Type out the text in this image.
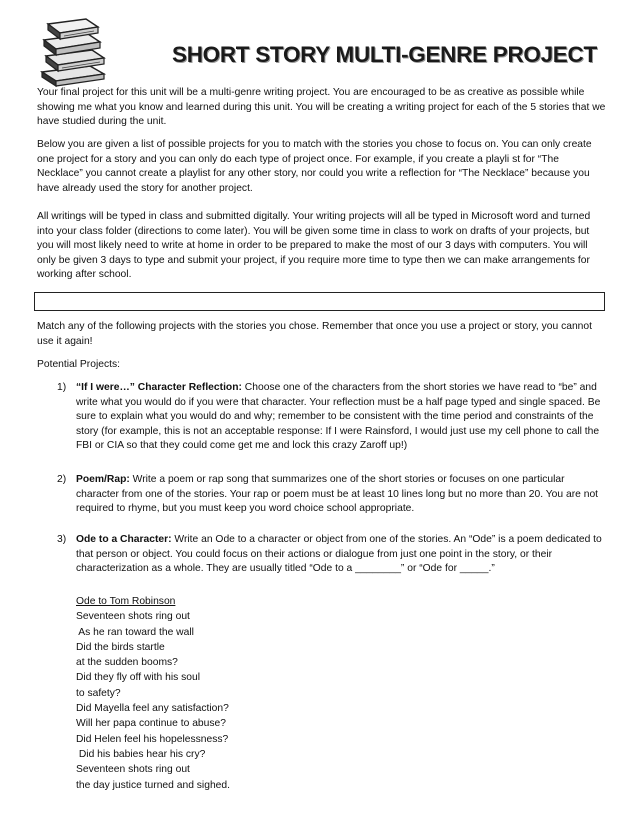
SHORT STORY MULTI-GENRE PROJECT

Your final project for this unit will be a multi-genre writing project. You are encouraged to be as creative as possible while showing me what you know and learned during this unit. You will be creating a writing project for each of the 5 stories that we have studied during the unit.

Below you are given a list of possible projects for you to match with the stories you chose to focus on. You can only create one project for a story and you can only do each type of project once. For example, if you create a playli st for “The Necklace” you cannot create a playlist for any other story, nor could you write a reflection for “The Necklace” because you have already used the story for another project.

All writings will be typed in class and submitted digitally. Your writing projects will all be typed in Microsoft word and turned into your class folder (directions to come later). You will be given some time in class to work on drafts of your projects, but you will most likely need to write at home in order to be prepared to make the most of our 3 days with computers. You will only be given 3 days to type and submit your project, if you require more time to type then we can make arrangements for working after school.

Match any of the following projects with the stories you chose. Remember that once you use a project or story, you cannot use it again!

Potential Projects:

1) “If I were…” Character Reflection: Choose one of the characters from the short stories we have read to “be” and write what you would do if you were that character. Your reflection must be a half page typed and single spaced. Be sure to explain what you would do and why; remember to be consistent with the time period and constraints of the story (for example, this is not an acceptable response: If I were Rainsford, I would just use my cell phone to call the FBI or CIA so that they could come get me and lock this crazy Zaroff up!)

2) Poem/Rap: Write a poem or rap song that summarizes one of the short stories or focuses on one particular character from one of the stories. Your rap or poem must be at least 10 lines long but no more than 20. You are not required to rhyme, but you must keep you word choice school appropriate.

3) Ode to a Character: Write an Ode to a character or object from one of the stories. An “Ode” is a poem dedicated to that person or object. You could focus on their actions or dialogue from just one point in the story, or their characterization as a whole. They are usually titled “Ode to a ________” or “Ode for _____.”

Ode to Tom Robinson
Seventeen shots ring out
As he ran toward the wall
Did the birds startle
at the sudden booms?
Did they fly off with his soul
to safety?
Did Mayella feel any satisfaction?
Will her papa continue to abuse?
Did Helen feel his hopelessness?
Did his babies hear his cry?
Seventeen shots ring out
the day justice turned and sighed.
